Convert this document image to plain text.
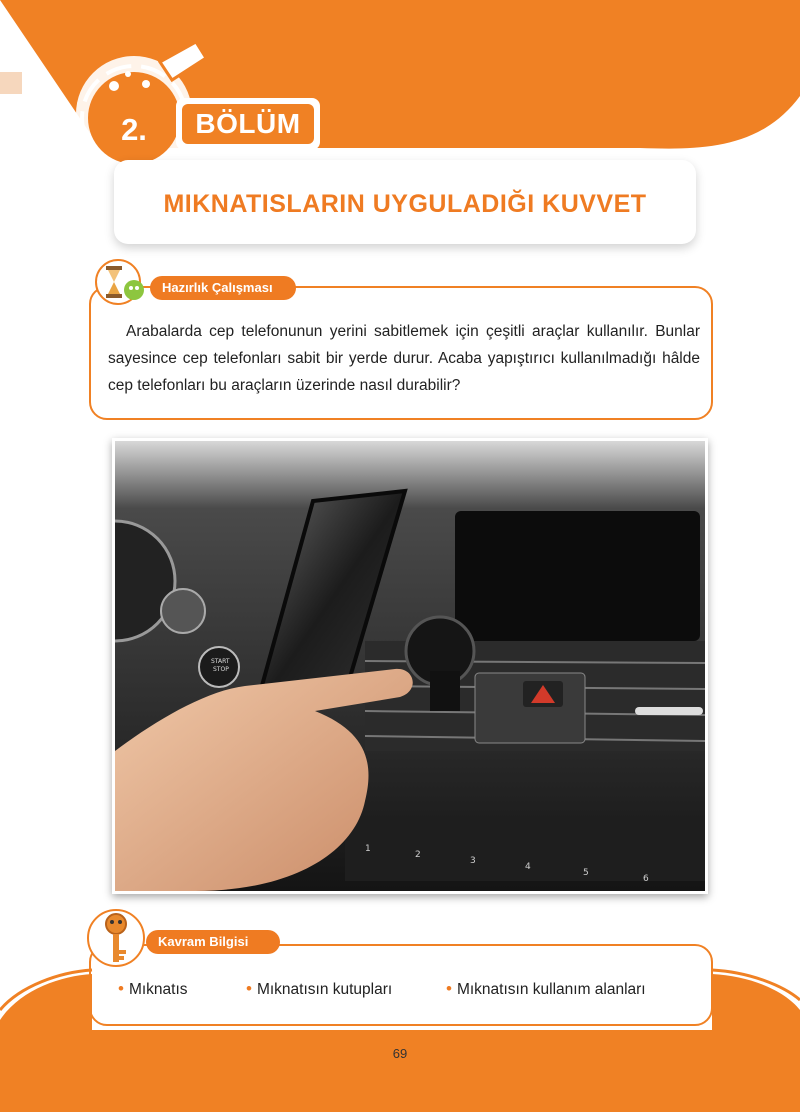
2.	BÖLÜM
MIKNATISLARIN UYGULADIĞI KUVVET
Hazırlık Çalışması
Arabalarda cep telefonunun yerini sabitlemek için çeşitli araçlar kullanılır. Bunlar sayesince cep telefonları sabit bir yerde durur. Acaba yapıştırıcı kullanılmadığı hâlde cep telefonları bu araçların üzerinde nasıl durabilir?
START
STOP
1
2
3
4
5
6
Kavram Bilgisi
• Mıknatıs	• Mıknatısın kutupları	• Mıknatısın kullanım alanları
69
